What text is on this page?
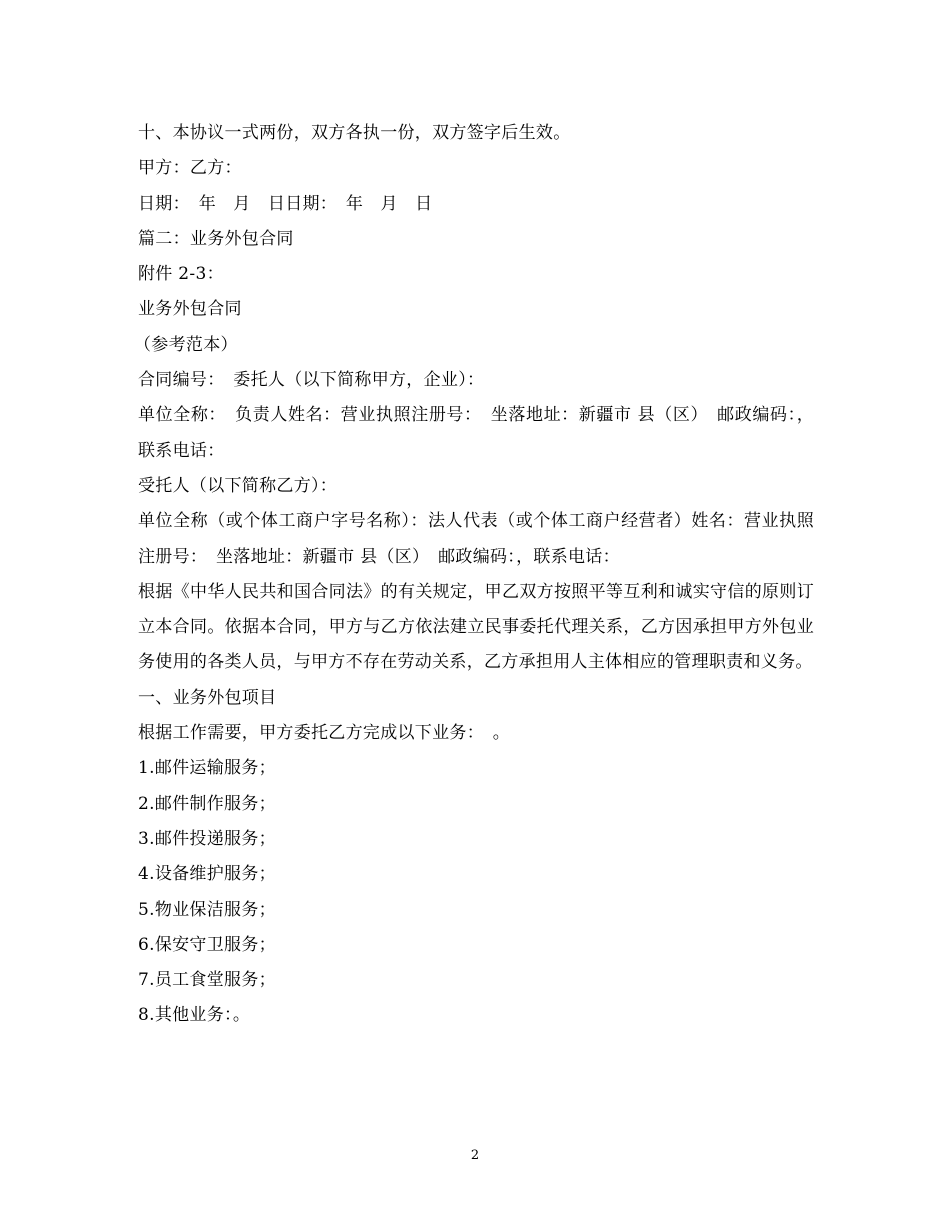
十、本协议一式两份，双方各执一份，双方签字后生效。

甲方：乙方：

日期：　年　月　日日期：　年　月　日

篇二：业务外包合同

附件 2-3：

业务外包合同

（参考范本）

合同编号：　委托人（以下简称甲方，企业）：

单位全称：　负责人姓名：营业执照注册号：　坐落地址：新疆市 县（区）　邮政编码：，联系电话：

受托人（以下简称乙方）：

单位全称（或个体工商户字号名称）：法人代表（或个体工商户经营者）姓名：营业执照注册号：　坐落地址：新疆市 县（区）　邮政编码：，联系电话：

根据《中华人民共和国合同法》的有关规定，甲乙双方按照平等互利和诚实守信的原则订立本合同。依据本合同，甲方与乙方依法建立民事委托代理关系，乙方因承担甲方外包业务使用的各类人员，与甲方不存在劳动关系，乙方承担用人主体相应的管理职责和义务。

一、业务外包项目

根据工作需要，甲方委托乙方完成以下业务：　。

1.邮件运输服务；

2.邮件制作服务；

3.邮件投递服务；

4.设备维护服务；

5.物业保洁服务；

6.保安守卫服务；

7.员工食堂服务；

8.其他业务：。

2
